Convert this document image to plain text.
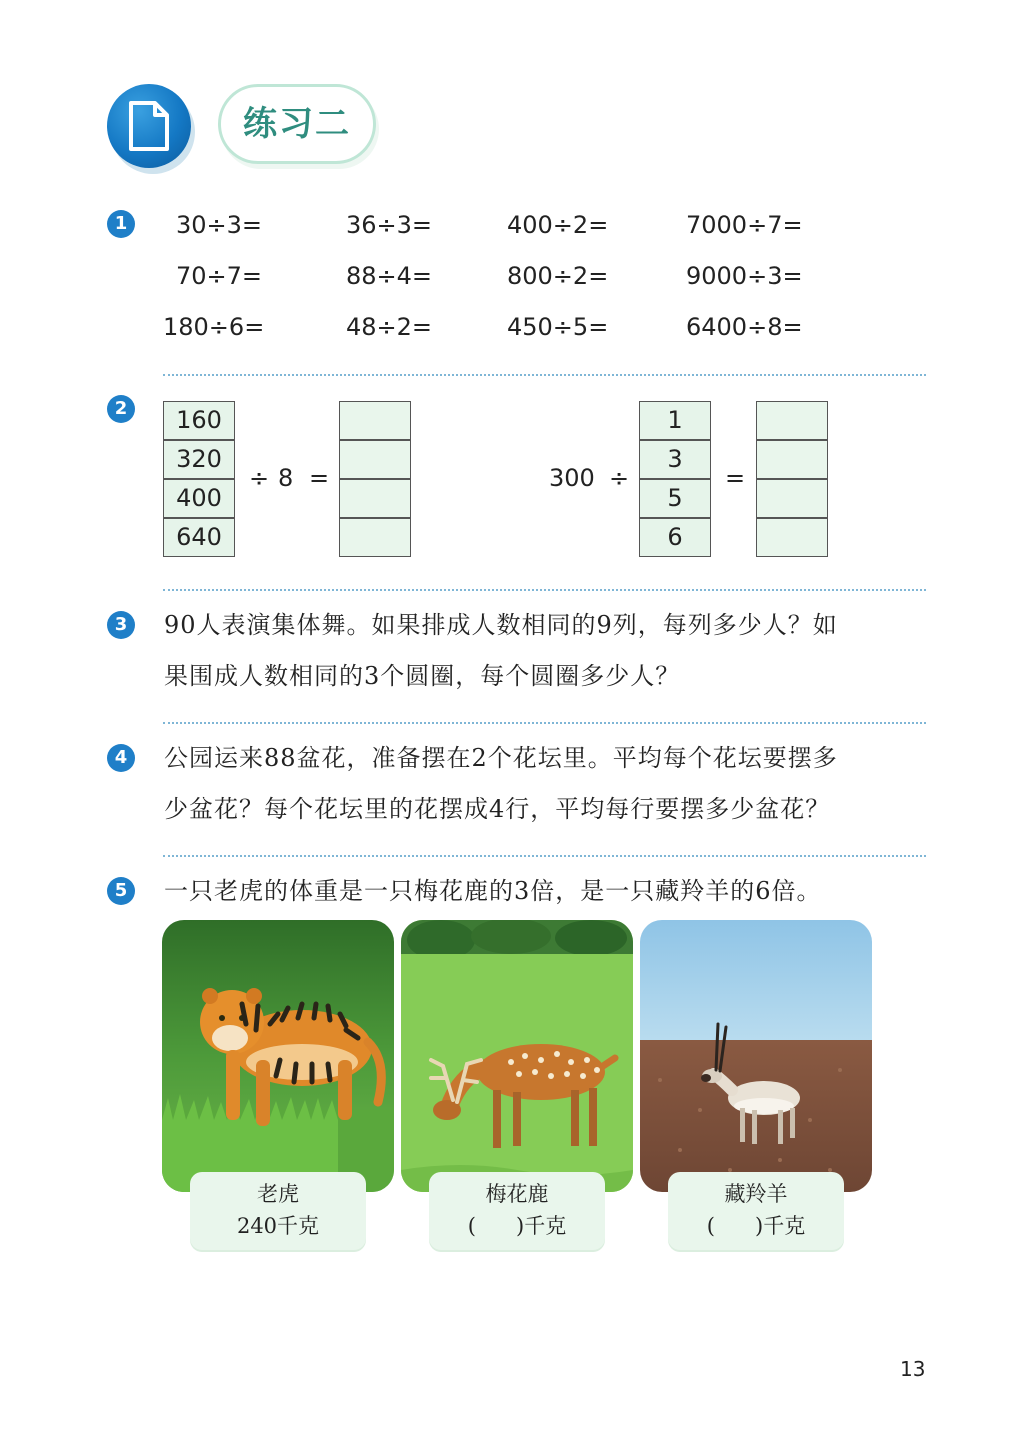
练习二
1	30÷3=	36÷3=	400÷2=	7000÷7=
70÷7=	88÷4=	800÷2=	9000÷3=
180÷6=	48÷2=	450÷5=	6400÷8=
2	160
320
400
640
÷ 8 =	300 ÷
1
3
5
6
=
3	90人表演集体舞。如果排成人数相同的9列，每列多少人？如
果围成人数相同的3个圆圈，每个圆圈多少人？
4	公园运来88盆花，准备摆在2个花坛里。平均每个花坛要摆多
少盆花？每个花坛里的花摆成4行，平均每行要摆多少盆花？
5	一只老虎的体重是一只梅花鹿的3倍，是一只藏羚羊的6倍。
老虎
240千克
梅花鹿
(      )千克
藏羚羊
(      )千克
13
